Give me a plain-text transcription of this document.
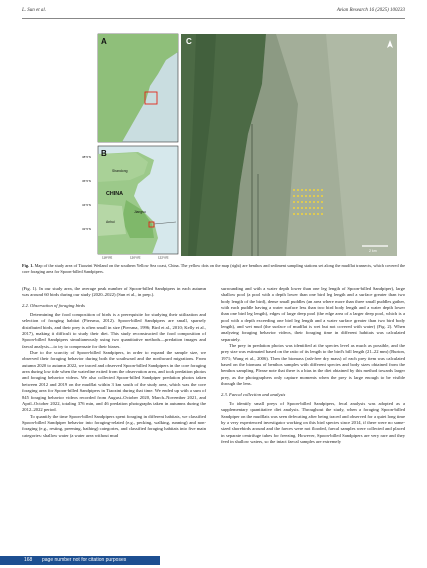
L. Sun et al.	Avian Research 16 (2025) 100233
A
B
Shandong
CHINA
Jiangsu
Anhui
38°0'N
36°0'N
34°0'N
32°0'N
118°0'E	120°0'E	122°0'E
C
2 km
Fig. 1. Map of the study area of Tiaozini Wetland on the southern Yellow Sea coast, China. The yellow dots on the map (right) are benthos and sediment sampling stations set along the mudflat transects, which covered the core foraging area for Spoon-billed Sandpipers.

(Fig. 1). In our study area, the average peak number of Spoon-billed Sandpipers in each autumn was around 60 birds during our study (2020–2022) (Sun et al., in prep.).

2.2. Observation of foraging birds

Determining the food composition of birds is a prerequisite for studying their utilization and selection of foraging habitat (Piersma, 2012). Spoon-billed Sandpipers are small, sparsely distributed birds, and their prey is often small in size (Piersma, 1996; Bird et al., 2010; Kelly et al., 2017), making it difficult to study their diet. This study reconstructed the food composition of Spoon-billed Sandpipers simultaneously using two quantitative methods—predation images and faecal analysis—to try to compensate for their biases.

Due to the scarcity of Spoon-billed Sandpipers, in order to expand the sample size, we observed their foraging behavior during both the southward and the northward migrations. From autumn 2020 to autumn 2022, we traced and observed Spoon-billed Sandpipers in the core foraging area during low tide when the waterline exited from the observation area, and took predation photos and foraging behavior videos. We also collected Spoon-billed Sandpiper predation photos taken between 2012 and 2019 on the mudflat within 3 km south of the study area, which was the core foraging area for Spoon-billed Sandpipers in Tiaozini during that time. We ended up with a sum of 845 foraging behavior videos recorded from August–October 2020, March–November 2021, and April–October 2022, totaling 376 min, and 46 predation photographs taken in autumns during the 2012–2022 period.

To quantify the time Spoon-billed Sandpipers spent foraging in different habitats, we classified Spoon-billed Sandpiper behavior into foraging-related (e.g., pecking, walking, running) and non-foraging (e.g., resting, preening, bathing) categories, and classified foraging habitats into five main categories: shallow water (a water area without mud

surrounding and with a water depth lower than one leg length of Spoon-billed Sandpiper), large shallow pool (a pool with a depth lower than one bird leg length and a surface greater than two body length of the bird), dense small puddles (an area where more than three small puddles gather, with each puddle having a water surface less than two bird body length and a water depth lower than one bird leg length), edges of large deep pool (the edge area of a larger deep pool, which is a pool with a depth exceeding one bird leg length and a water surface greater than two bird body length), and wet mud (the surface of mudflat is wet but not covered with water) (Fig. 2). When analyzing foraging behavior videos, their foraging time in different habitats was calculated separately.

The prey in predation photos was identified at the species level as much as possible, and the prey size was estimated based on the ratio of its length to the bird's bill length (21–22 mm) (Burton, 1971; Wang et al., 2006). Then the biomass (ash-free dry mass) of each prey item was calculated based on the biomass of benthos samples with different species and body sizes obtained from the benthos sampling. Please note that there is a bias in the diet obtained by this method towards larger prey, as the photographers only capture moments when the prey is large enough to be visible through the lens.

2.3. Faecal collection and analysis

To identify small preys of Spoon-billed Sandpipers, fecal analysis was adopted as a supplementary quantitative diet analysis. Throughout the study, when a foraging Spoon-billed Sandpiper on the mudflats was seen defecating after being traced and observed for a quiet long time by a very experienced investigator working on this bird species since 2014, if there were no same-sized shorebirds around and the faeces were not flooded, faecal samples were collected and placed in separate centrifuge tubes for freezing. However, Spoon-billed Sandpipers are very rare and they feed in shallow waters, so the intact faecal samples are extremely

168 page number not for citation purposes
